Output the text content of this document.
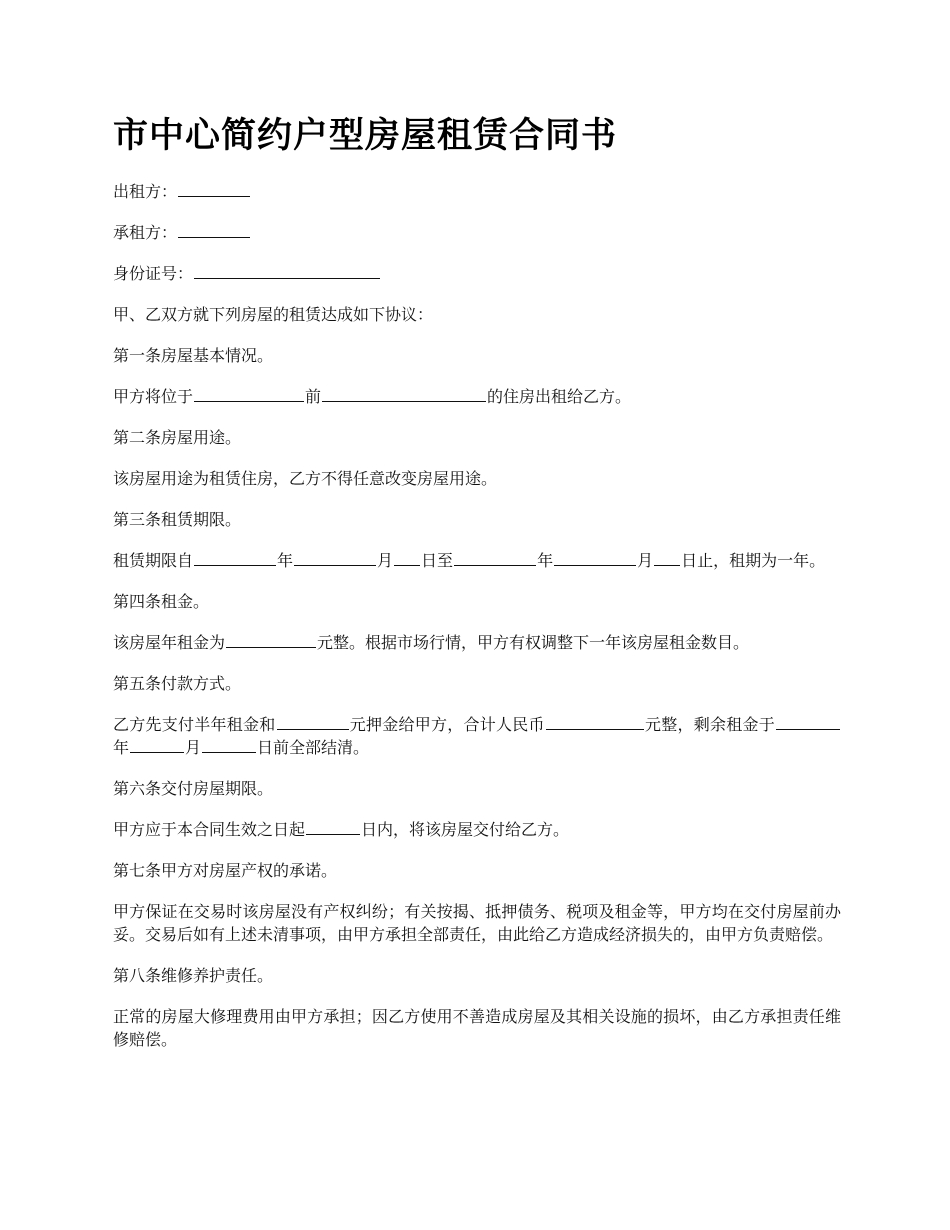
市中心简约户型房屋租赁合同书

出租方：

承租方：

身份证号：

甲、乙双方就下列房屋的租赁达成如下协议：

第一条房屋基本情况。

甲方将位于	前	的住房出租给乙方。

第二条房屋用途。

该房屋用途为租赁住房，乙方不得任意改变房屋用途。

第三条租赁期限。

租赁期限自	年	月 日至	年	月 日止，租期为一年。

第四条租金。

该房屋年租金为	元整。根据市场行情，甲方有权调整下一年该房屋租金数目。

第五条付款方式。

乙方先支付半年租金和	元押金给甲方，合计人民币	元整，剩余租金于年	月	日前全部结清。

第六条交付房屋期限。

甲方应于本合同生效之日起	日内，将该房屋交付给乙方。

第七条甲方对房屋产权的承诺。

甲方保证在交易时该房屋没有产权纠纷；有关按揭、抵押债务、税项及租金等，甲方均在交付房屋前办妥。交易后如有上述未清事项，由甲方承担全部责任，由此给乙方造成经济损失的，由甲方负责赔偿。

第八条维修养护责任。

正常的房屋大修理费用由甲方承担；因乙方使用不善造成房屋及其相关设施的损坏，由乙方承担责任维修赔偿。
